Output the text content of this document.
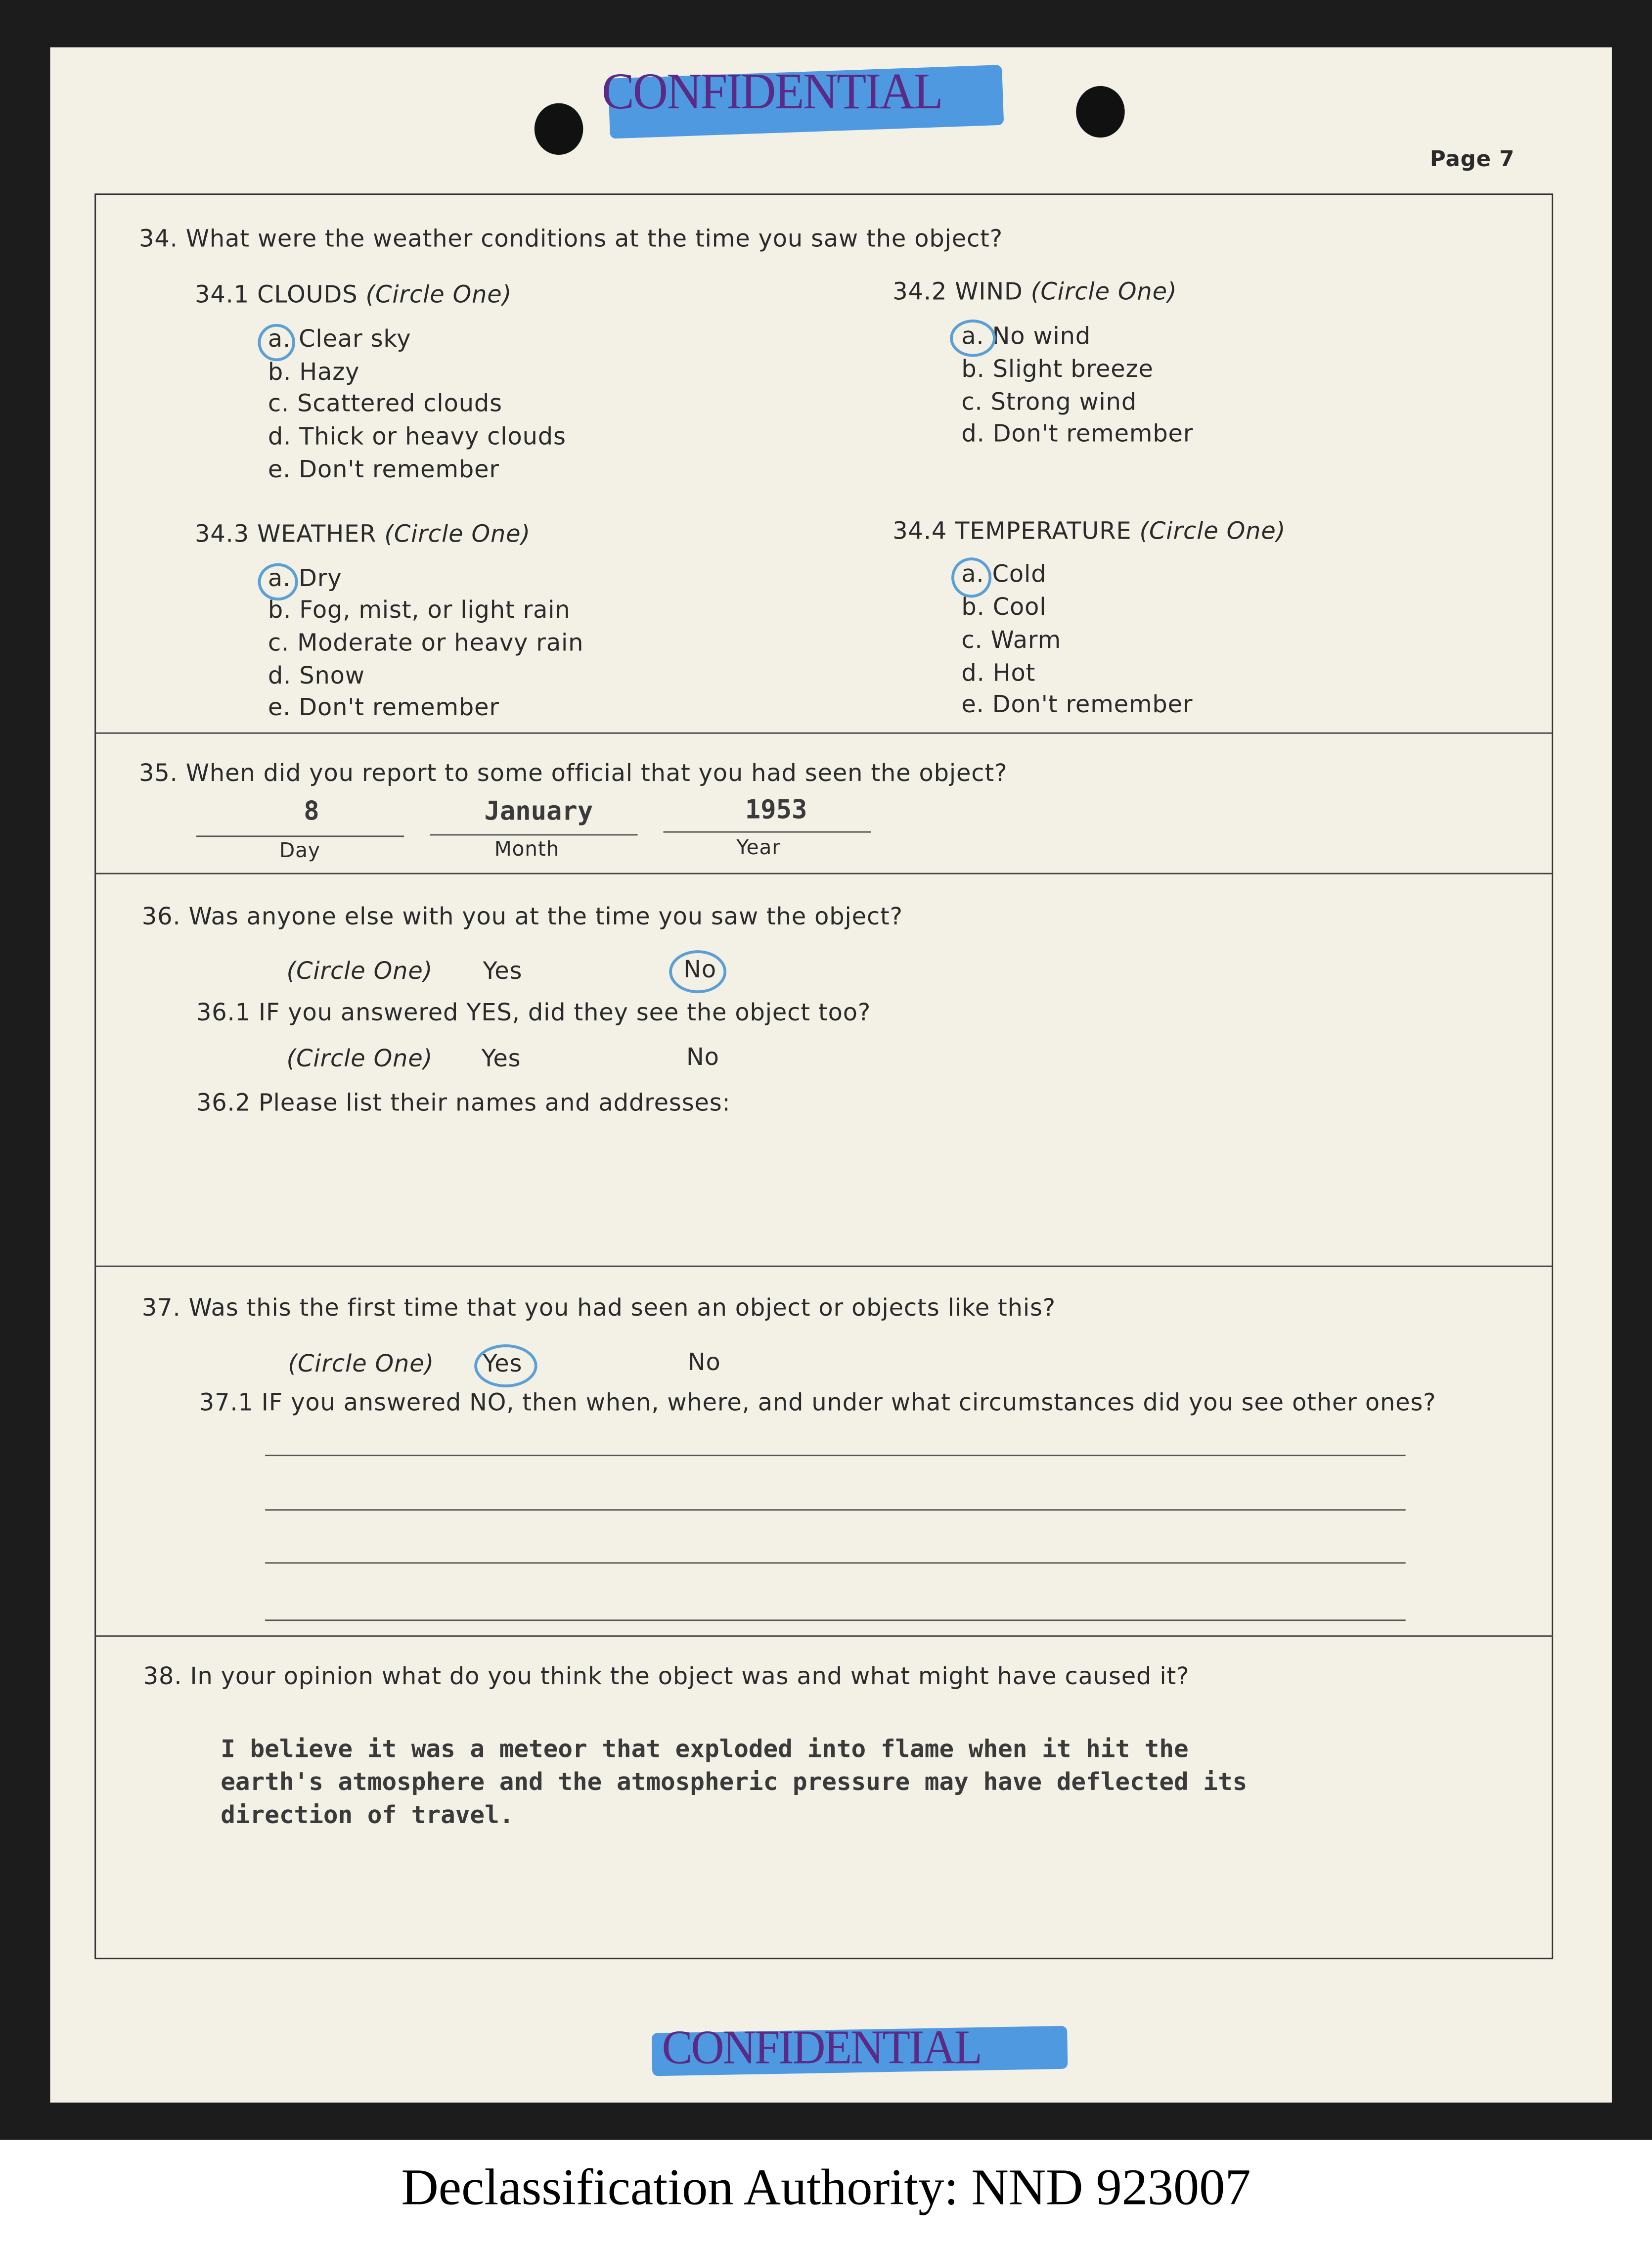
CONFIDENTIAL
Page 7
34. What were the weather conditions at the time you saw the object?
34.1 CLOUDS (Circle One)
a. Clear sky
b. Hazy
c. Scattered clouds
d. Thick or heavy clouds
e. Don't remember
34.2 WIND (Circle One)
a. No wind
b. Slight breeze
c. Strong wind
d. Don't remember
34.3 WEATHER (Circle One)
a. Dry
b. Fog, mist, or light rain
c. Moderate or heavy rain
d. Snow
e. Don't remember
34.4 TEMPERATURE (Circle One)
a. Cold
b. Cool
c. Warm
d. Hot
e. Don't remember
35. When did you report to some official that you had seen the object?
8	January	1953
Day	Month	Year
36. Was anyone else with you at the time you saw the object?
(Circle One)	Yes	No
36.1 IF you answered YES, did they see the object too?
(Circle One)	Yes	No
36.2 Please list their names and addresses:
37. Was this the first time that you had seen an object or objects like this?
(Circle One)	Yes	No
37.1 IF you answered NO, then when, where, and under what circumstances did you see other ones?
38. In your opinion what do you think the object was and what might have caused it?
I believe it was a meteor that exploded into flame when it hit the
earth's atmosphere and the atmospheric pressure may have deflected its
direction of travel.
CONFIDENTIAL
Declassification Authority: NND 923007
